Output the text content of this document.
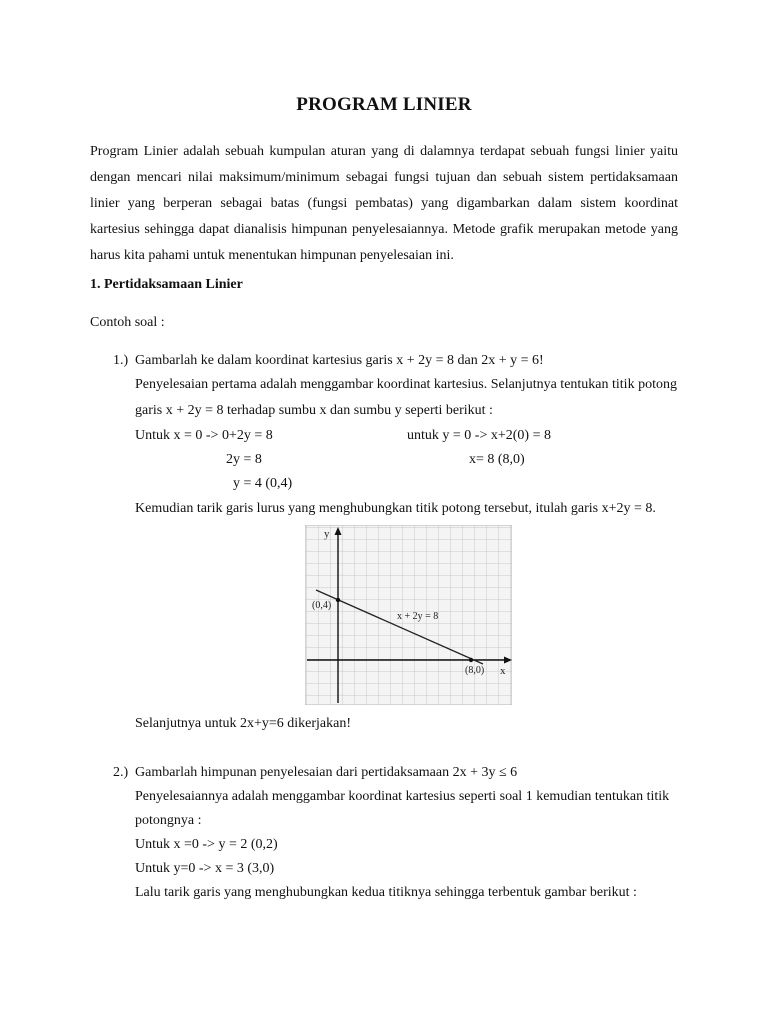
PROGRAM LINIER
Program Linier adalah sebuah kumpulan aturan yang di dalamnya terdapat sebuah fungsi linier yaitu dengan mencari nilai maksimum/minimum sebagai fungsi tujuan dan sebuah sistem pertidaksamaan linier yang berperan sebagai batas (fungsi pembatas) yang digambarkan dalam sistem koordinat kartesius sehingga dapat dianalisis himpunan penyelesaiannya. Metode grafik merupakan metode yang harus kita pahami untuk menentukan himpunan penyelesaian ini.
1. Pertidaksamaan Linier
Contoh soal :
1.) Gambarlah ke dalam koordinat kartesius garis x + 2y = 8 dan 2x + y = 6!
Penyelesaian pertama adalah menggambar koordinat kartesius. Selanjutnya tentukan titik potong
garis x + 2y = 8 terhadap sumbu x dan sumbu y seperti berikut :
Untuk x = 0 -> 0+2y = 8
2y = 8
y = 4 (0,4)
untuk y = 0 -> x+2(0) = 8
x= 8 (8,0)
Kemudian tarik garis lurus yang menghubungkan titik potong tersebut, itulah garis x+2y = 8.
y
x
(0,4)
(8,0)
x + 2y = 8
Selanjutnya untuk 2x+y=6 dikerjakan!
2.) Gambarlah himpunan penyelesaian dari pertidaksamaan 2x + 3y ≤ 6
Penyelesaiannya adalah menggambar koordinat kartesius seperti soal 1 kemudian tentukan titik
potongnya :
Untuk x =0 -> y = 2 (0,2)
Untuk y=0 -> x = 3 (3,0)
Lalu tarik garis yang menghubungkan kedua titiknya sehingga terbentuk gambar berikut :
